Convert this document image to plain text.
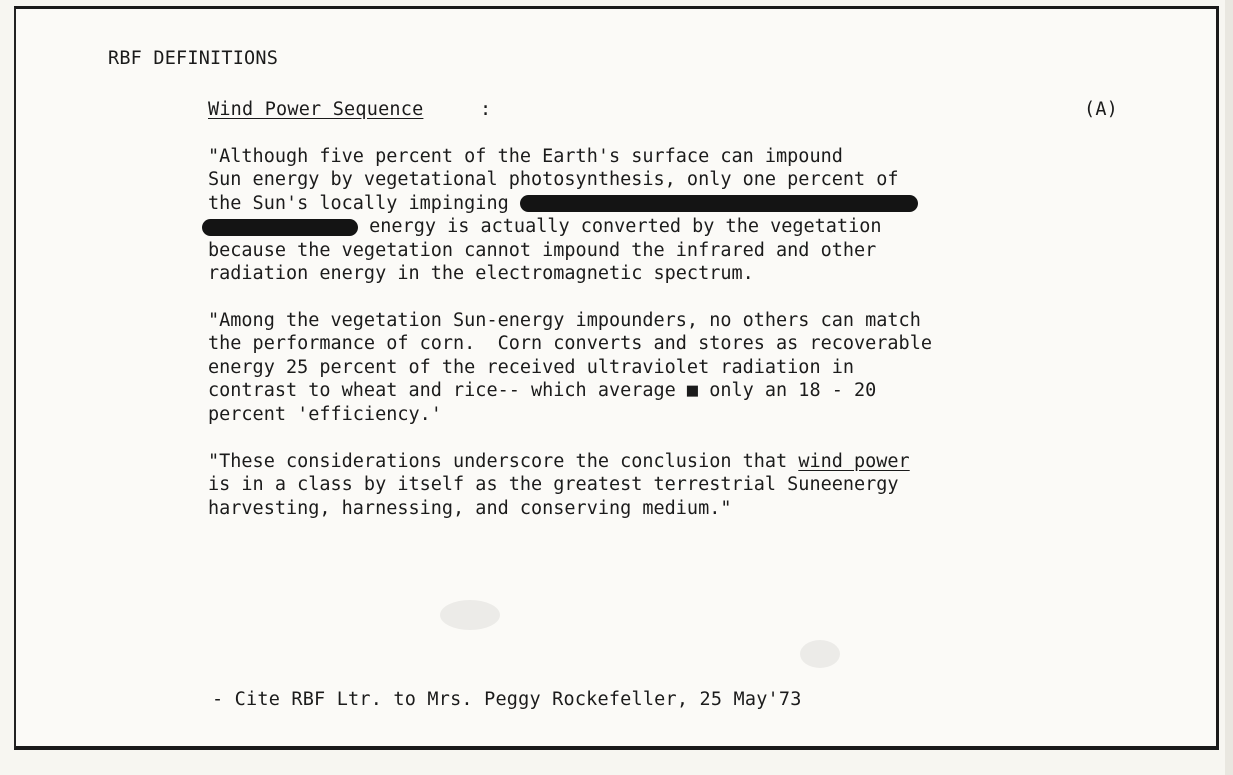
RBF DEFINITIONS
Wind Power Sequence	:	(A)
"Although five percent of the Earth's surface can impound
Sun energy by vegetational photosynthesis, only one percent of
the Sun's locally impinging
energy is actually converted by the vegetation
because the vegetation cannot impound the infrared and other
radiation energy in the electromagnetic spectrum.
"Among the vegetation Sun-energy impounders, no others can match
the performance of corn.  Corn converts and stores as recoverable
energy 25 percent of the received ultraviolet radiation in
contrast to wheat and rice-- which average ■ only an 18 - 20
percent 'efficiency.'
"These considerations underscore the conclusion that wind power
is in a class by itself as the greatest terrestrial Suneenergy
harvesting, harnessing, and conserving medium."
- Cite RBF Ltr. to Mrs. Peggy Rockefeller, 25 May'73
